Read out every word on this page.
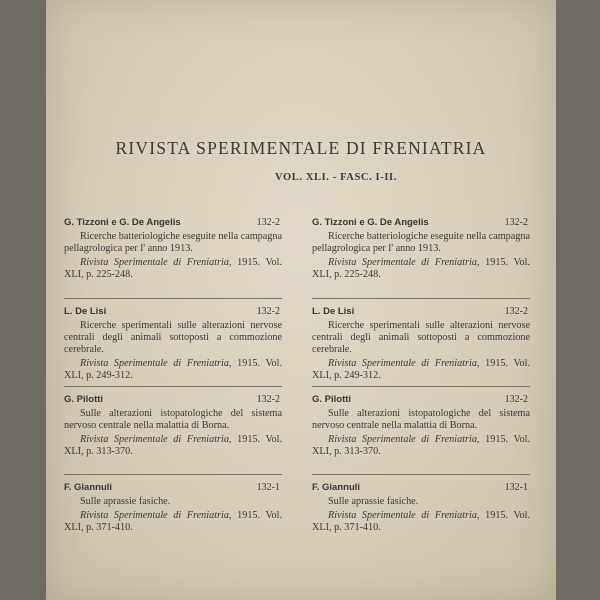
RIVISTA SPERIMENTALE DI FRENIATRIA
VOL. XLI. - FASC. I-II.
G. Tizzoni e G. De Angelis	132-2
Ricerche batteriologiche eseguite nella campagna pellagrologica per l' anno 1913.
Rivista Sperimentale di Freniatria, 1915. Vol. XLI, p. 225-248.
L. De Lisi	132-2
Ricerche sperimentali sulle alterazioni nervose centrali degli animali sottoposti a commozione cerebrale.
Rivista Sperimentale di Freniatria, 1915. Vol. XLI, p. 249-312.
G. Pilotti	132-2
Sulle alterazioni istopatologiche del sistema nervoso centrale nella malattia di Borna.
Rivista Sperimentale di Freniatria, 1915. Vol. XLI, p. 313-370.
F. Giannuli	132-1
Sulle aprassie fasiche.
Rivista Sperimentale di Freniatria, 1915. Vol. XLI, p. 371-410.
G. Tizzoni e G. De Angelis	132-2
Ricerche batteriologiche eseguite nella campagna pellagrologica per l' anno 1913.
Rivista Sperimentale di Freniatria, 1915. Vol. XLI, p. 225-248.
L. De Lisi	132-2
Ricerche sperimentali sulle alterazioni nervose centrali degli animali sottoposti a commozione cerebrale.
Rivista Sperimentale di Freniatria, 1915. Vol. XLI, p. 249-312.
G. Pilotti	132-2
Sulle alterazioni istopatologiche del sistema nervoso centrale nella malattia di Borna.
Rivista Sperimentale di Freniatria, 1915. Vol. XLI, p. 313-370.
F. Giannuli	132-1
Sulle aprassie fasiche.
Rivista Sperimentale di Freniatria, 1915. Vol. XLI, p. 371-410.
